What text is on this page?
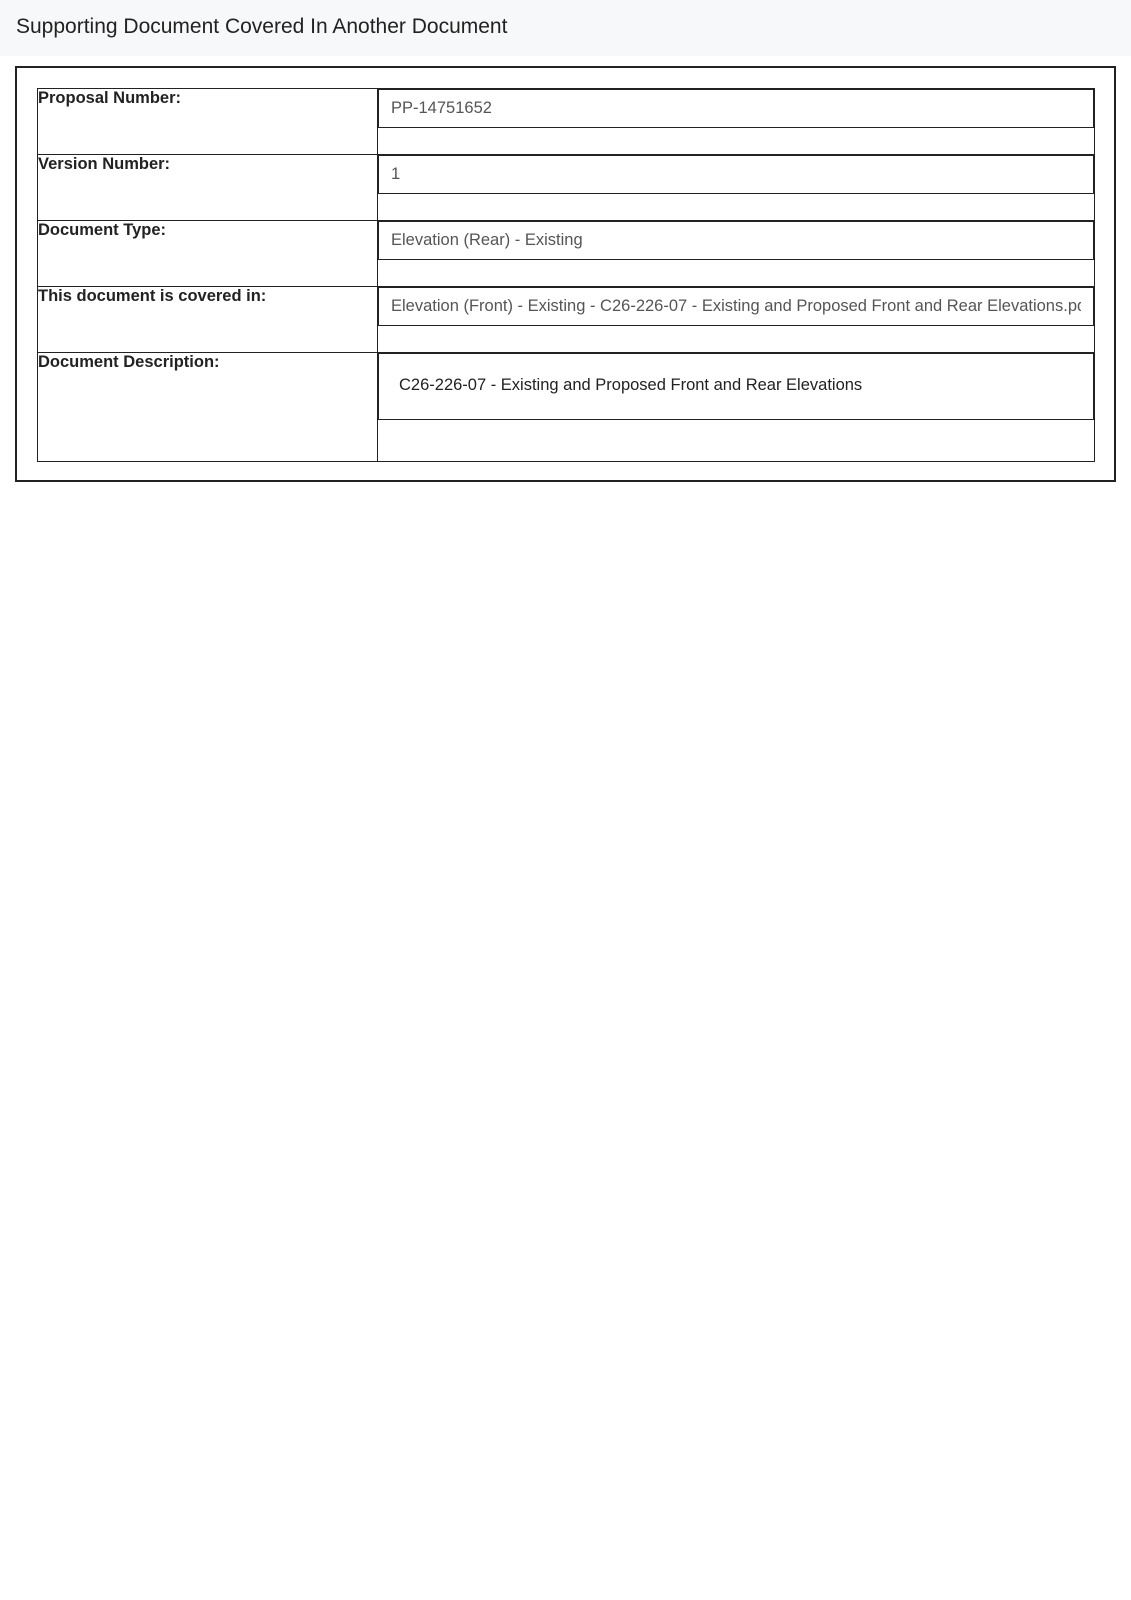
Supporting Document Covered In Another Document
Proposal Number:	
PP-14751652
Version Number:	
1
Document Type:	
Elevation (Rear) - Existing
This document is covered in:	
Elevation (Front) - Existing - C26-226-07 - Existing and Proposed Front and Rear Elevations.pdf
Document Description:	C26-226-07 - Existing and Proposed Front and Rear Elevations
